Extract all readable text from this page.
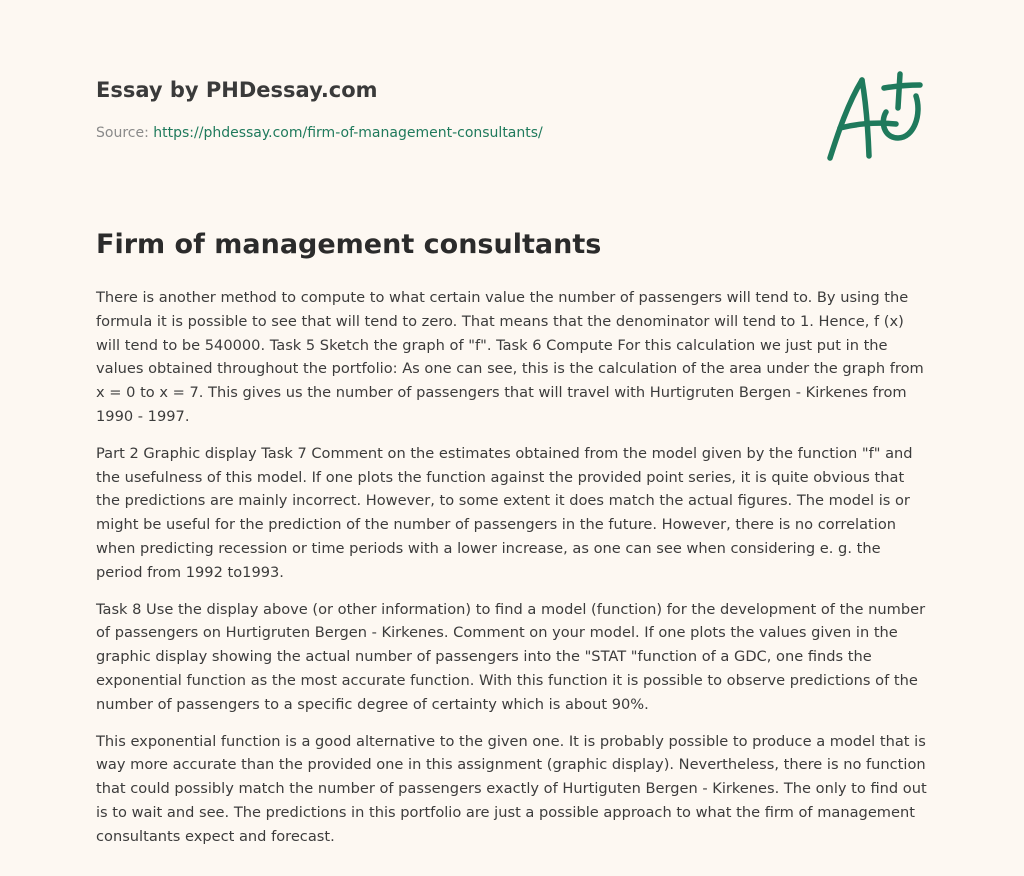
Essay by PHDessay.com
Source: https://phdessay.com/firm-of-management-consultants/
Firm of management consultants

There is another method to compute to what certain value the number of passengers will tend to. By using the formula it is possible to see that will tend to zero. That means that the denominator will tend to 1. Hence, f (x) will tend to be 540000. Task 5 Sketch the graph of "f". Task 6 Compute For this calculation we just put in the values obtained throughout the portfolio: As one can see, this is the calculation of the area under the graph from x = 0 to x = 7. This gives us the number of passengers that will travel with Hurtigruten Bergen - Kirkenes from 1990 - 1997.

Part 2 Graphic display Task 7 Comment on the estimates obtained from the model given by the function "f" and the usefulness of this model. If one plots the function against the provided point series, it is quite obvious that the predictions are mainly incorrect. However, to some extent it does match the actual figures. The model is or might be useful for the prediction of the number of passengers in the future. However, there is no correlation when predicting recession or time periods with a lower increase, as one can see when considering e. g. the period from 1992 to1993.

Task 8 Use the display above (or other information) to find a model (function) for the development of the number of passengers on Hurtigruten Bergen - Kirkenes. Comment on your model. If one plots the values given in the graphic display showing the actual number of passengers into the "STAT "function of a GDC, one finds the exponential function as the most accurate function. With this function it is possible to observe predictions of the number of passengers to a specific degree of certainty which is about 90%.

This exponential function is a good alternative to the given one. It is probably possible to produce a model that is way more accurate than the provided one in this assignment (graphic display). Nevertheless, there is no function that could possibly match the number of passengers exactly of Hurtiguten Bergen - Kirkenes. The only to find out is to wait and see. The predictions in this portfolio are just a possible approach to what the firm of management consultants expect and forecast.
